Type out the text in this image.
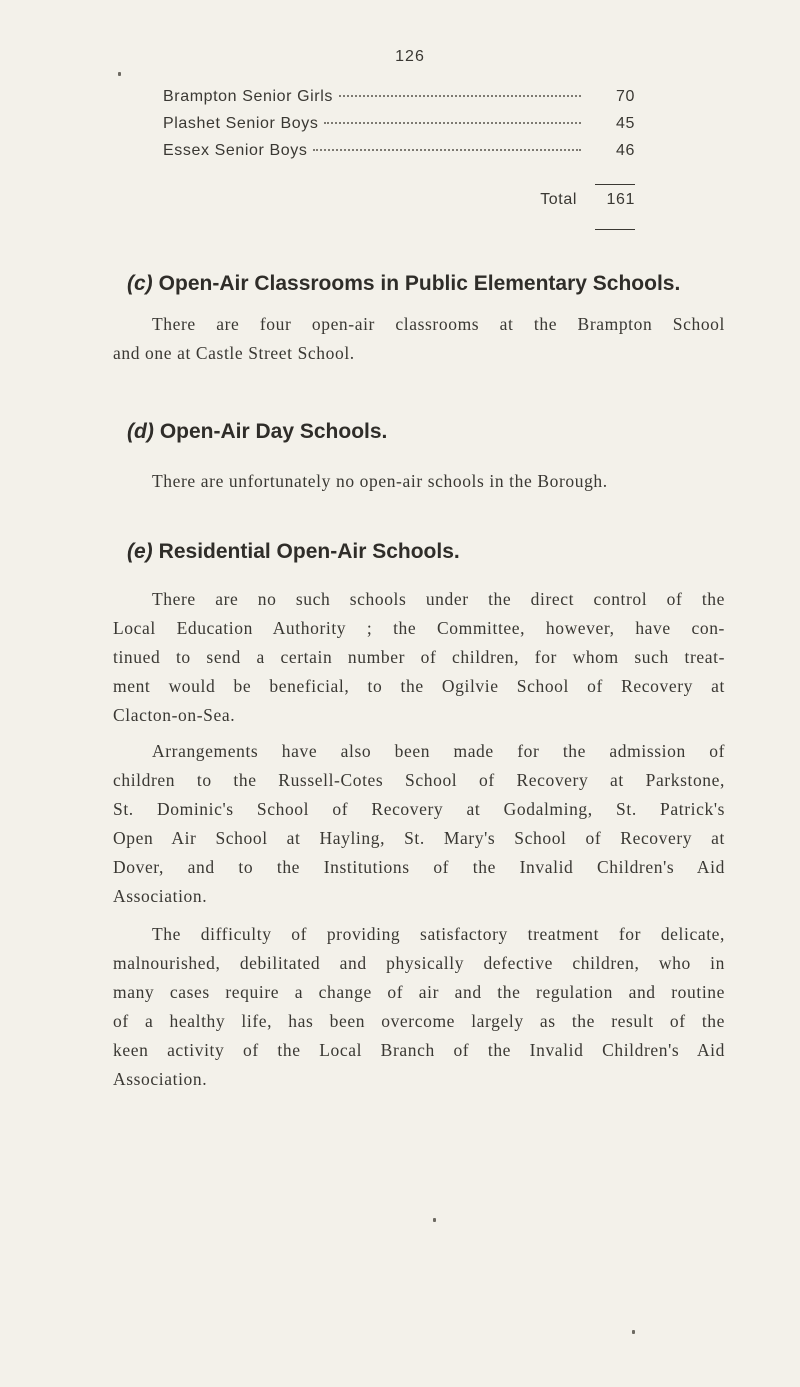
126
Brampton Senior Girls	70
Plashet Senior Boys	45
Essex Senior Boys	46
Total	161
(c) Open-Air Classrooms in Public Elementary Schools.
There are four open-air classrooms at the Brampton School
and one at Castle Street School.
(d) Open-Air Day Schools.
There are unfortunately no open-air schools in the Borough.
(e) Residential Open-Air Schools.
There are no such schools under the direct control of the
Local Education Authority ; the Committee, however, have con-
tinued to send a certain number of children, for whom such treat-
ment would be beneficial, to the Ogilvie School of Recovery at
Clacton-on-Sea.
Arrangements have also been made for the admission of
children to the Russell-Cotes School of Recovery at Parkstone,
St. Dominic's School of Recovery at Godalming, St. Patrick's
Open Air School at Hayling, St. Mary's School of Recovery at
Dover, and to the Institutions of the Invalid Children's Aid
Association.
The difficulty of providing satisfactory treatment for delicate,
malnourished, debilitated and physically defective children, who in
many cases require a change of air and the regulation and routine
of a healthy life, has been overcome largely as the result of the
keen activity of the Local Branch of the Invalid Children's Aid
Association.
